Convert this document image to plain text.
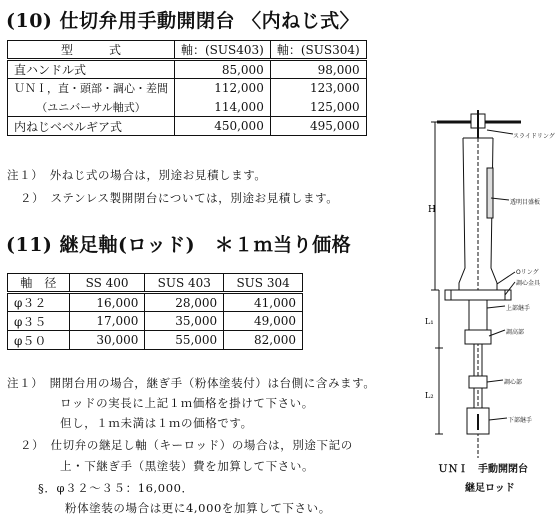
(10) 仕切弁用手動開閉台 〈内ねじ式〉
型　　　式	軸：(SUS403)	軸：(SUS304)
直ハンドル式	85,000	98,000
ＵＮＩ，直・頭部・調心・差間	112,000	123,000
（ユニバーサル軸式）	114,000	125,000
内ねじベベルギア式	450,000	495,000
注１）　外ねじ式の場合は，別途お見積します。
２）　ステンレス製開閉台については，別途お見積します。
(11) 継足軸(ロッド)　＊１ｍ当り価格
軸　径	SS 400	SUS 403	SUS 304
φ３２	16,000	28,000	41,000
φ３５	17,000	35,000	49,000
φ５０	30,000	55,000	82,000
注１）　開閉台用の場合，継ぎ手（粉体塗装付）は台側に含みます。
ロッドの実長に上記１ｍ価格を掛けて下さい。
但し，１ｍ未満は１ｍの価格です。
２）　仕切弁の継足し軸（キーロッド）の場合は，別途下記の
上・下継ぎ手（黒塗装）費を加算して下さい。
§．φ３２～３５：16,000．
粉体塗装の場合は更に4,000を加算して下さい。
H
L₁
L₂
スライドリング
透明目盛板
Oリング
調心金具
上部継手
調高部
調心部
下部継手
ＵＮＩ　手動開閉台
継足ロッド
